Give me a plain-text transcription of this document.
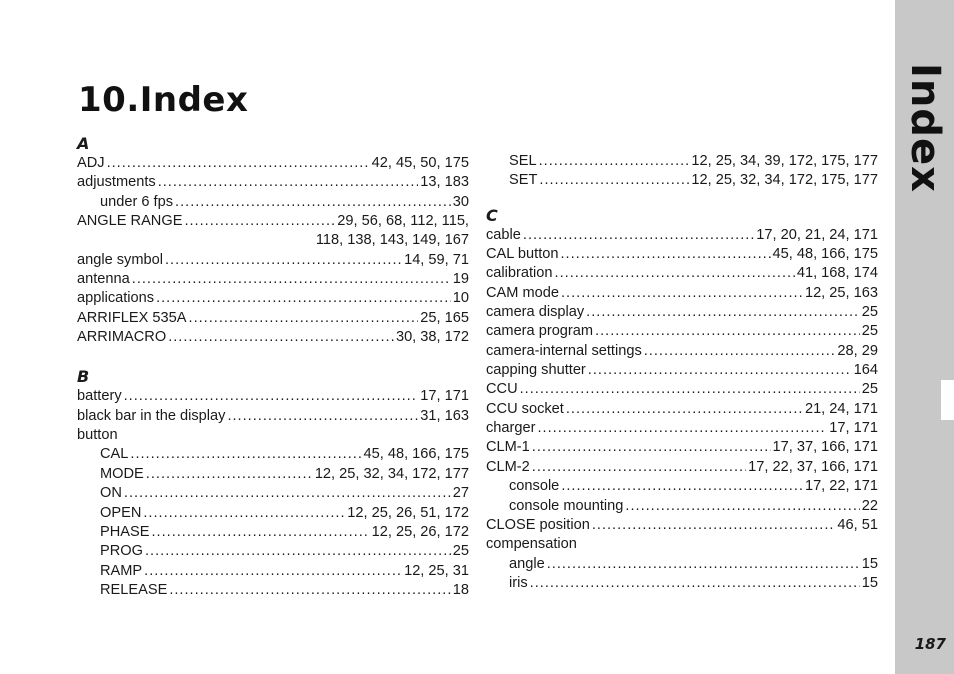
Index
187
10.Index
A
ADJ .....	42, 45, 50, 175
adjustments .....	13, 183
under 6 fps .....	30
ANGLE RANGE .....	29, 56, 68, 112, 115,
118, 138, 143, 149, 167
angle symbol .....	14, 59, 71
antenna .....	19
applications .....	10
ARRIFLEX 535A .....	25, 165
ARRIMACRO .....	30, 38, 172
B
battery .....	17, 171
black bar in the display .....	31, 163
button
CAL .....	45, 48, 166, 175
MODE .....	12, 25, 32, 34, 172, 177
ON .....	27
OPEN .....	12, 25, 26, 51, 172
PHASE .....	12, 25, 26, 172
PROG .....	25
RAMP .....	12, 25, 31
RELEASE .....	18
SEL .....	12, 25, 34, 39, 172, 175, 177
SET .....	12, 25, 32, 34, 172, 175, 177
C
cable .....	17, 20, 21, 24, 171
CAL button .....	45, 48, 166, 175
calibration .....	41, 168, 174
CAM mode .....	12, 25, 163
camera display .....	25
camera program .....	25
camera-internal settings .....	28, 29
capping shutter .....	164
CCU .....	25
CCU socket .....	21, 24, 171
charger .....	17, 171
CLM-1 .....	17, 37, 166, 171
CLM-2 .....	17, 22, 37, 166, 171
console .....	17, 22, 171
console mounting .....	22
CLOSE position .....	46, 51
compensation
angle .....	15
iris .....	15
